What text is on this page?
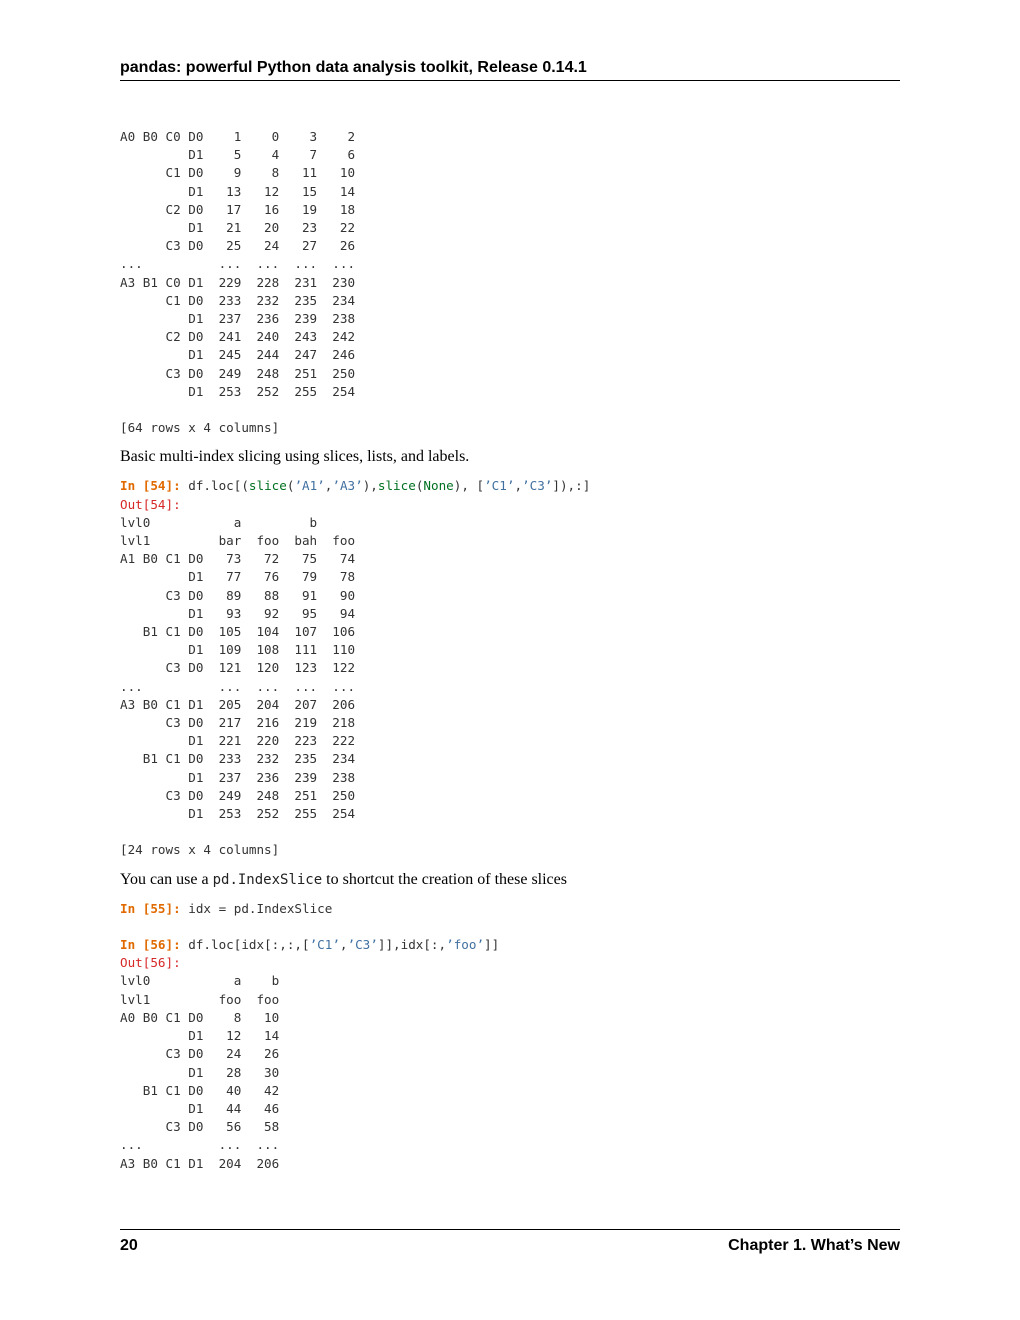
pandas: powerful Python data analysis toolkit, Release 0.14.1
A0 B0 C0 D0    1    0    3    2
D1    5    4    7    6
C1 D0    9    8   11   10
D1   13   12   15   14
C2 D0   17   16   19   18
D1   21   20   23   22
C3 D0   25   24   27   26
...          ...  ...  ...  ...
A3 B1 C0 D1  229  228  231  230
C1 D0  233  232  235  234
D1  237  236  239  238
C2 D0  241  240  243  242
D1  245  244  247  246
C3 D0  249  248  251  250
D1  253  252  255  254
[64 rows x 4 columns]

Basic multi-index slicing using slices, lists, and labels.

In [54]: df.loc[(slice(’A1’,’A3’),slice(None), [’C1’,’C3’]),:]
Out[54]:
lvl0           a         b
lvl1         bar  foo  bah  foo
A1 B0 C1 D0   73   72   75   74
D1   77   76   79   78
C3 D0   89   88   91   90
D1   93   92   95   94
B1 C1 D0  105  104  107  106
D1  109  108  111  110
C3 D0  121  120  123  122
...          ...  ...  ...  ...
A3 B0 C1 D1  205  204  207  206
C3 D0  217  216  219  218
D1  221  220  223  222
B1 C1 D0  233  232  235  234
D1  237  236  239  238
C3 D0  249  248  251  250
D1  253  252  255  254
[24 rows x 4 columns]

You can use a pd.IndexSlice to shortcut the creation of these slices

In [55]: idx = pd.IndexSlice
In [56]: df.loc[idx[:,:,[’C1’,’C3’]],idx[:,’foo’]]
Out[56]:
lvl0           a    b
lvl1         foo  foo
A0 B0 C1 D0    8   10
D1   12   14
C3 D0   24   26
D1   28   30
B1 C1 D0   40   42
D1   44   46
C3 D0   56   58
...          ...  ...
A3 B0 C1 D1  204  206
20	Chapter 1. What’s New
